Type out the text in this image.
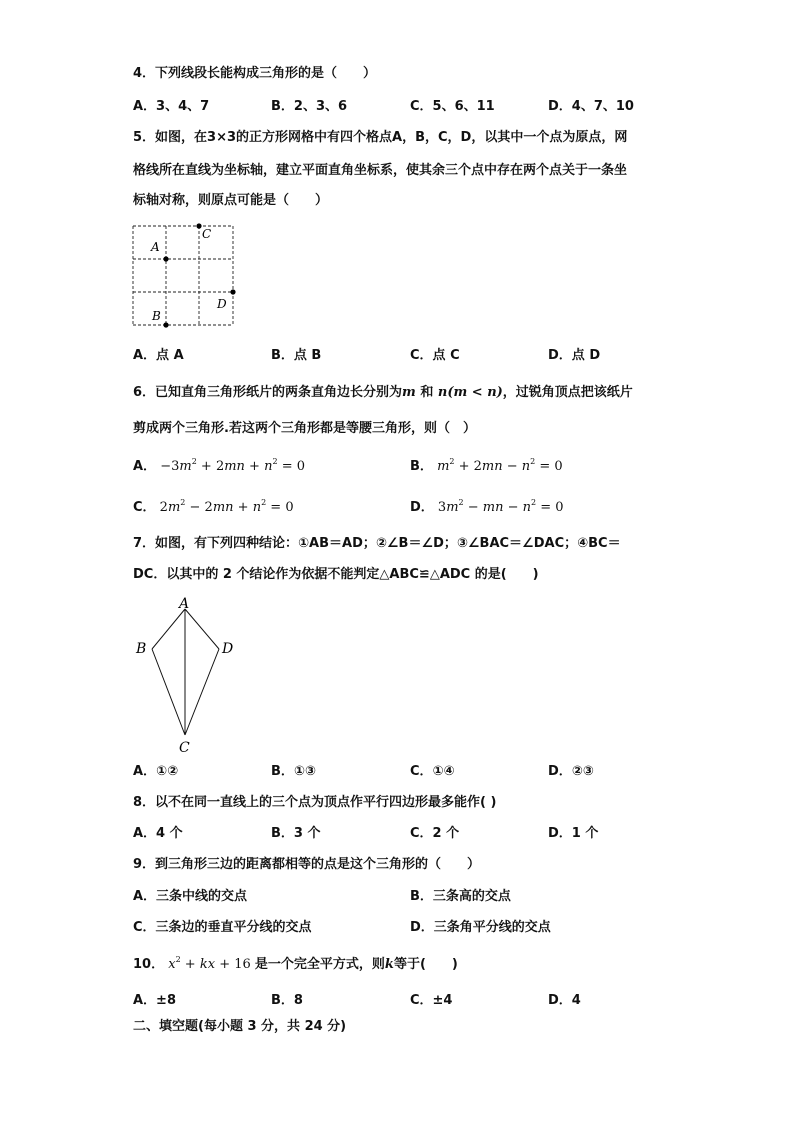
4．下列线段长能构成三角形的是（　　）
A．3、4、7	B．2、3、6	C．5、6、11	D．4、7、10
5．如图，在3×3的正方形网格中有四个格点A，B，C，D，以其中一个点为原点，网
格线所在直线为坐标轴，建立平面直角坐标系，使其余三个点中存在两个点关于一条坐
标轴对称，则原点可能是（　　）
A
B
C
D
A．点 A	B．点 B	C．点 C	D．点 D
6．已知直角三角形纸片的两条直角边长分别为m 和 n(m < n)，过锐角顶点把该纸片
剪成两个三角形.若这两个三角形都是等腰三角形，则（　）
A． $-3m^2 + 2mn + n^2 = 0$	B． $m^2 + 2mn - n^2 = 0$
C． $2m^2 - 2mn + n^2 = 0$	D． $3m^2$ − mn − $n^2 = 0$
7．如图，有下列四种结论：①AB＝AD；②∠B＝∠D；③∠BAC＝∠DAC；④BC＝
DC．以其中的 2 个结论作为依据不能判定△ABC≌△ADC 的是(　　)
A
B
C
D
A．①②	B．①③	C．①④	D．②③
8．以不在同一直线上的三个点为顶点作平行四边形最多能作( )
A．4 个	B．3 个	C．2 个	D．1 个
9．到三角形三边的距离都相等的点是这个三角形的（　　）
A．三条中线的交点	B．三条高的交点
C．三条边的垂直平分线的交点	D．三条角平分线的交点
10． $x^2$ + kx + 16 是一个完全平方式，则k等于(　　)
A．±8	B．8	C．±4	D．4
二、填空题(每小题 3 分，共 24 分)
